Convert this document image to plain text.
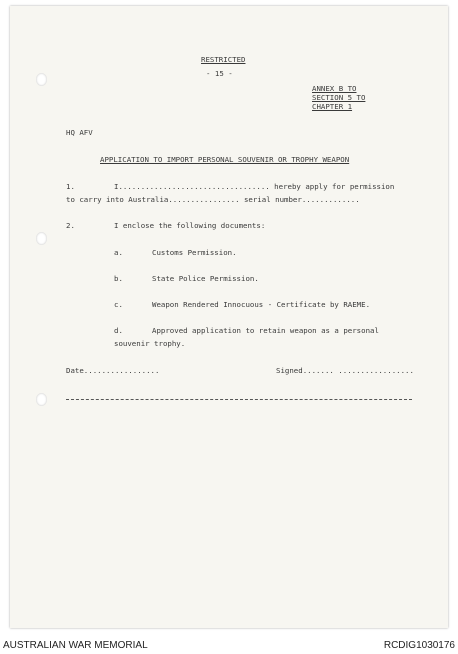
RESTRICTED
- 15 -
ANNEX B TO
SECTION 5 TO
CHAPTER 1
HQ AFV
APPLICATION TO IMPORT PERSONAL SOUVENIR OR TROPHY WEAPON
1.	I.................................. hereby apply for permission
to carry into Australia................ serial number.............
2.	I enclose the following documents:
a.	Customs Permission.
b.	State Police Permission.
c.	Weapon Rendered Innocuous - Certificate by RAEME.
d.	Approved application to retain weapon as a personal
souvenir trophy.
Date.................	Signed....... .................
AUSTRALIAN WAR MEMORIAL	RCDIG1030176
